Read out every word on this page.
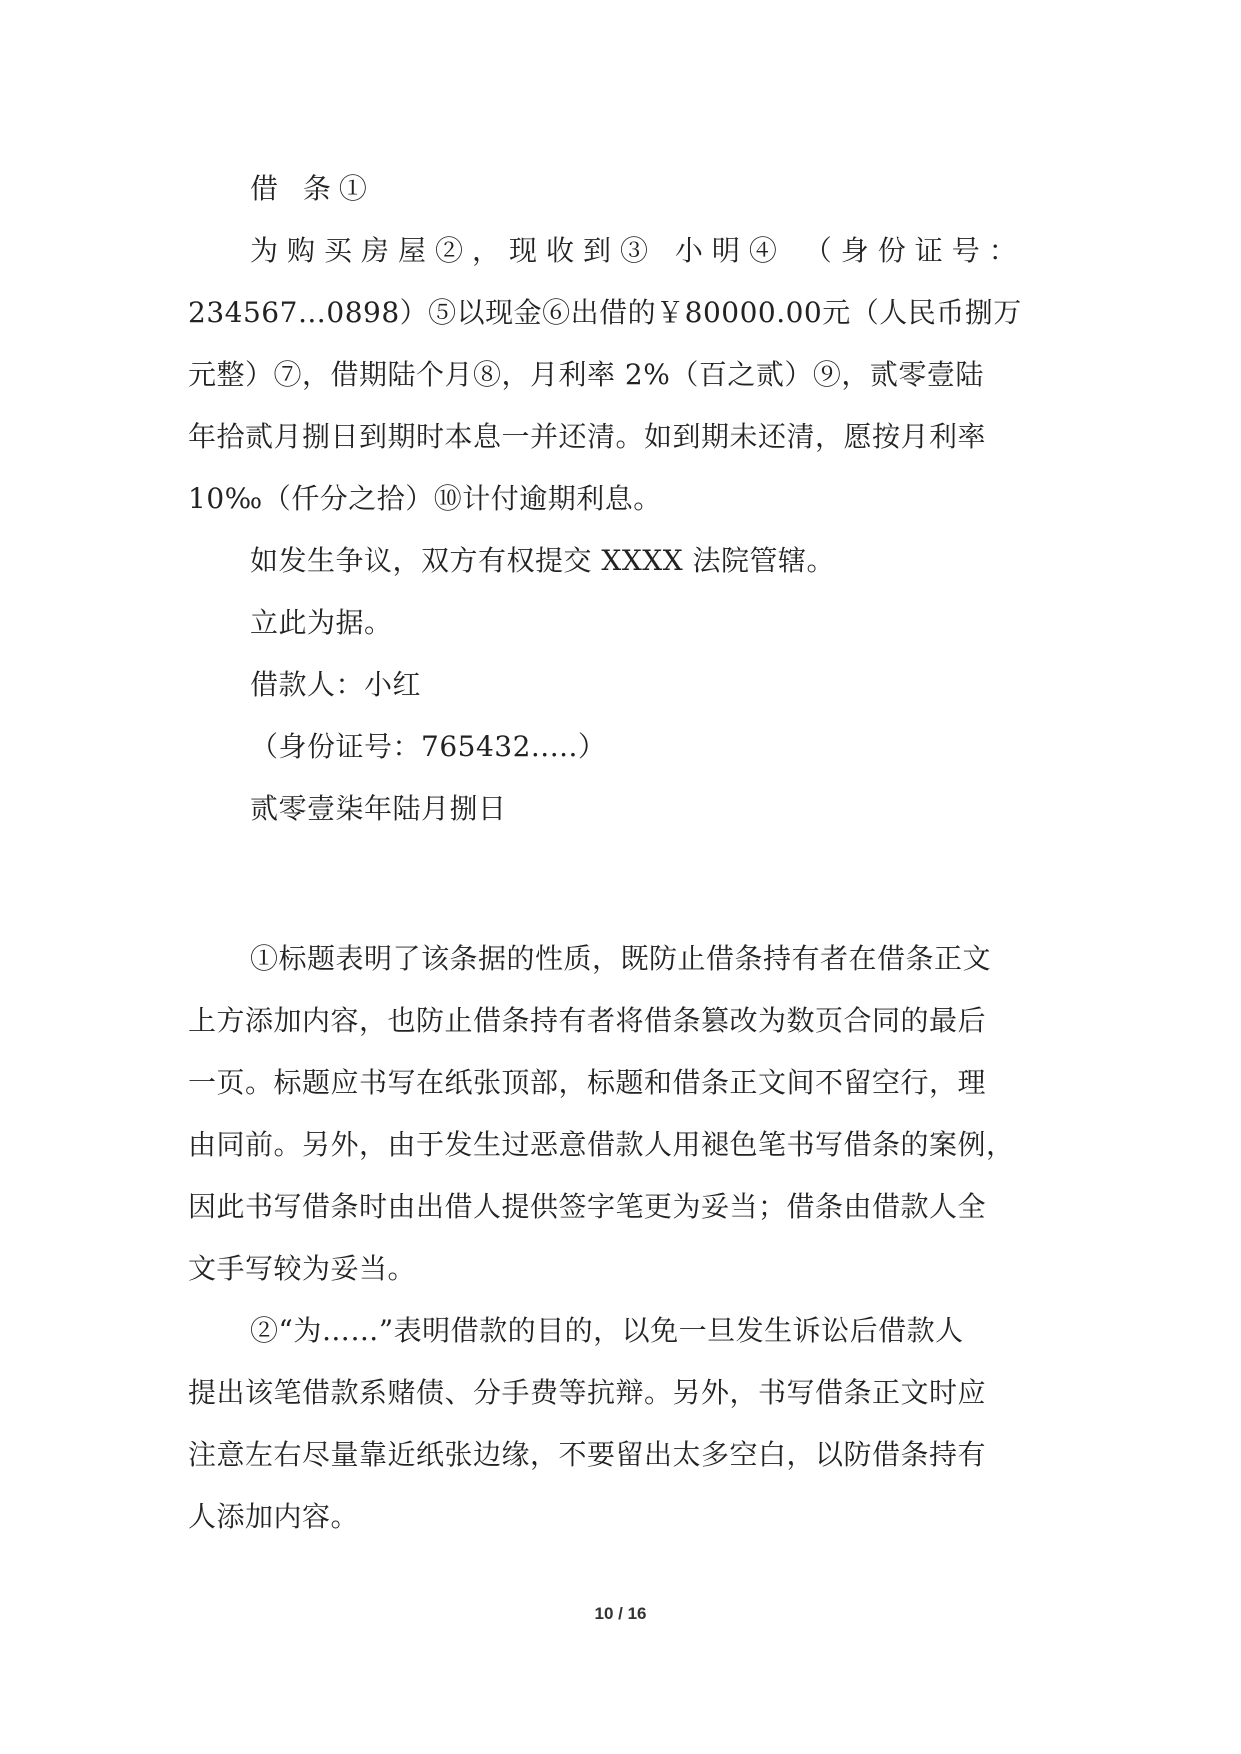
借 条①
为购买房屋②，现收到③ 小明④ （身份证号：
234567…0898）⑤以现金⑥出借的￥80000.00元（人民币捌万
元整）⑦，借期陆个月⑧，月利率 2%（百之贰）⑨，贰零壹陆
年拾贰月捌日到期时本息一并还清。如到期未还清，愿按月利率
10‰（仟分之拾）⑩计付逾期利息。
如发生争议，双方有权提交 XXXX 法院管辖。
立此为据。
借款人：小红
（身份证号：765432.....）
贰零壹柒年陆月捌日
①标题表明了该条据的性质，既防止借条持有者在借条正文
上方添加内容，也防止借条持有者将借条篡改为数页合同的最后
一页。标题应书写在纸张顶部，标题和借条正文间不留空行，理
由同前。另外，由于发生过恶意借款人用褪色笔书写借条的案例，
因此书写借条时由出借人提供签字笔更为妥当；借条由借款人全
文手写较为妥当。
②“为……”表明借款的目的，以免一旦发生诉讼后借款人
提出该笔借款系赌债、分手费等抗辩。另外，书写借条正文时应
注意左右尽量靠近纸张边缘，不要留出太多空白，以防借条持有
人添加内容。
10 / 16
